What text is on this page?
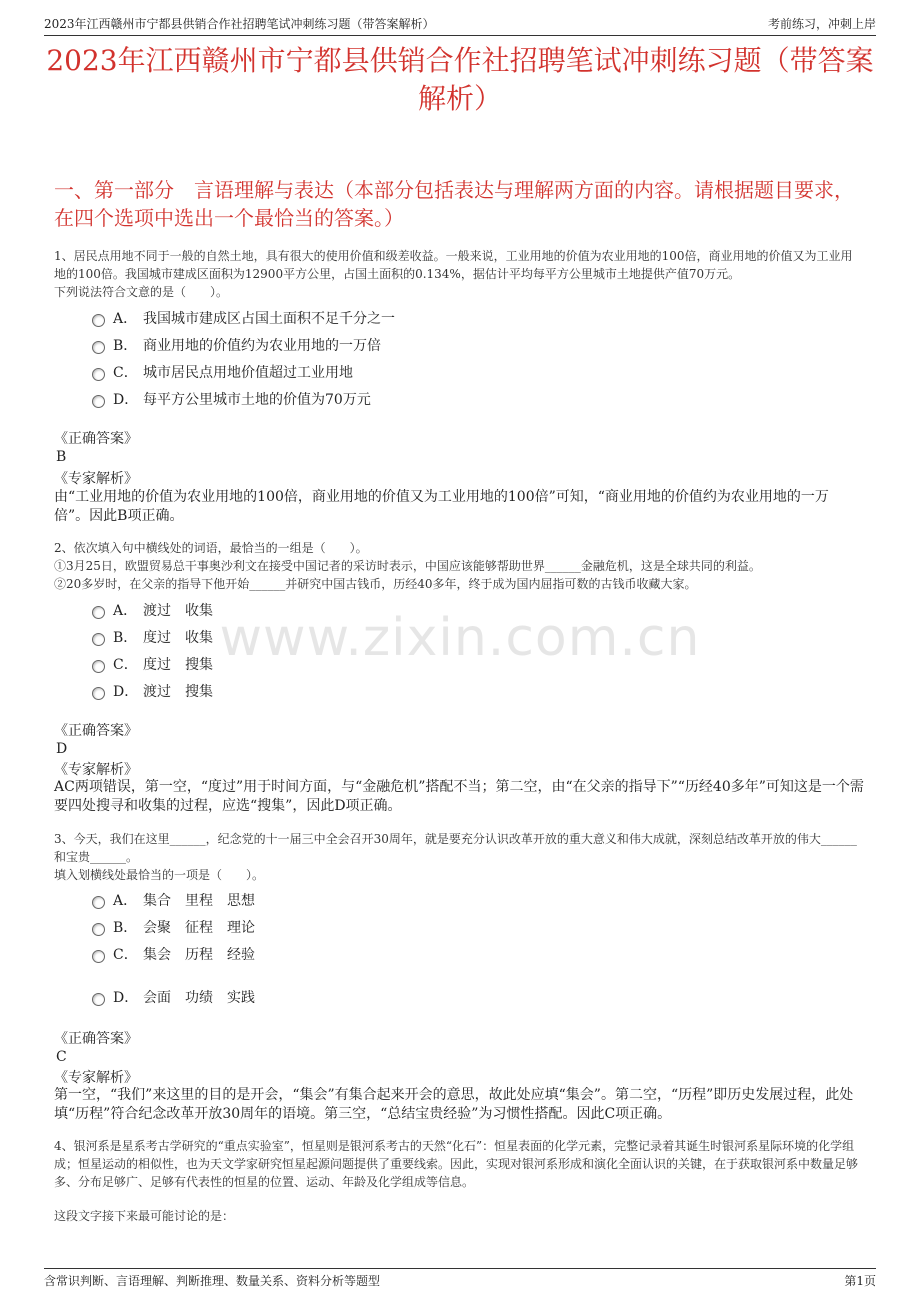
2023年江西赣州市宁都县供销合作社招聘笔试冲刺练习题（带答案解析）	考前练习，冲刺上岸
2023年江西赣州市宁都县供销合作社招聘笔试冲刺练习题（带答案解析）
一、第一部分　言语理解与表达（本部分包括表达与理解两方面的内容。请根据题目要求，在四个选项中选出一个最恰当的答案。）
www.zixin.com.cn
1、居民点用地不同于一般的自然土地，具有很大的使用价值和级差收益。一般来说，工业用地的价值为农业用地的100倍，商业用地的价值又为工业用地的100倍。我国城市建成区面积为12900平方公里，占国土面积的0.134%，据估计平均每平方公里城市土地提供产值70万元。
下列说法符合文意的是（　　）。
A． 我国城市建成区占国土面积不足千分之一
B． 商业用地的价值约为农业用地的一万倍
C． 城市居民点用地价值超过工业用地
D． 每平方公里城市土地的价值为70万元
《正确答案》
B
《专家解析》
由“工业用地的价值为农业用地的100倍，商业用地的价值又为工业用地的100倍”可知，“商业用地的价值约为农业用地的一万倍”。因此B项正确。
2、依次填入句中横线处的词语，最恰当的一组是（　　）。
①3月25日，欧盟贸易总干事奥沙利文在接受中国记者的采访时表示，中国应该能够帮助世界______金融危机，这是全球共同的利益。
②20多岁时，在父亲的指导下他开始______并研究中国古钱币，历经40多年，终于成为国内屈指可数的古钱币收藏大家。
A． 渡过　收集
B． 度过　收集
C． 度过　搜集
D． 渡过　搜集
《正确答案》
D
《专家解析》
AC两项错误，第一空，“度过”用于时间方面，与“金融危机”搭配不当；第二空，由“在父亲的指导下”“历经40多年”可知这是一个需要四处搜寻和收集的过程，应选“搜集”，因此D项正确。
3、今天，我们在这里______，纪念党的十一届三中全会召开30周年，就是要充分认识改革开放的重大意义和伟大成就，深刻总结改革开放的伟大______和宝贵______。
填入划横线处最恰当的一项是（　　）。
A． 集合　里程　思想
B． 会聚　征程　理论
C． 集会　历程　经验
D． 会面　功绩　实践
《正确答案》
C
《专家解析》
第一空，“我们”来这里的目的是开会，“集会”有集合起来开会的意思，故此处应填“集会”。第二空，“历程”即历史发展过程，此处填“历程”符合纪念改革开放30周年的语境。第三空，“总结宝贵经验”为习惯性搭配。因此C项正确。
4、银河系是星系考古学研究的“重点实验室”，恒星则是银河系考古的天然“化石”：恒星表面的化学元素，完整记录着其诞生时银河系星际环境的化学组成；恒星运动的相似性，也为天文学家研究恒星起源问题提供了重要线索。因此，实现对银河系形成和演化全面认识的关键，在于获取银河系中数量足够多、分布足够广、足够有代表性的恒星的位置、运动、年龄及化学组成等信息。
这段文字接下来最可能讨论的是：
含常识判断、言语理解、判断推理、数量关系、资料分析等题型	第1页
